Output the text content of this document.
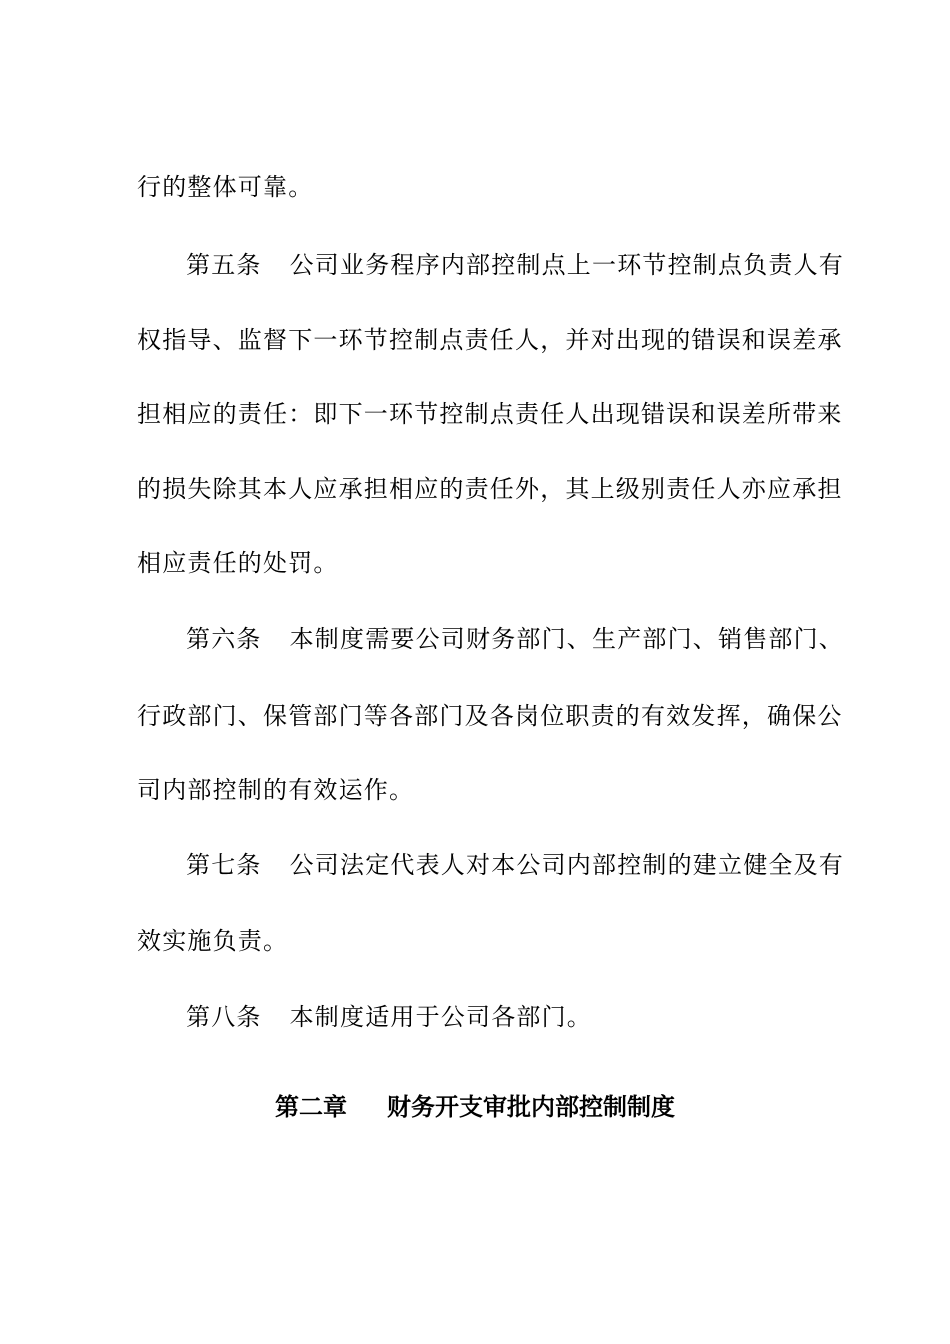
行的整体可靠。
第五条 公司业务程序内部控制点上一环节控制点负责人有
权指导、监督下一环节控制点责任人，并对出现的错误和误差承
担相应的责任：即下一环节控制点责任人出现错误和误差所带来
的损失除其本人应承担相应的责任外，其上级别责任人亦应承担
相应责任的处罚。
第六条 本制度需要公司财务部门、生产部门、销售部门、
行政部门、保管部门等各部门及各岗位职责的有效发挥，确保公
司内部控制的有效运作。
第七条 公司法定代表人对本公司内部控制的建立健全及有
效实施负责。
第八条 本制度适用于公司各部门。
第二章 财务开支审批内部控制制度
